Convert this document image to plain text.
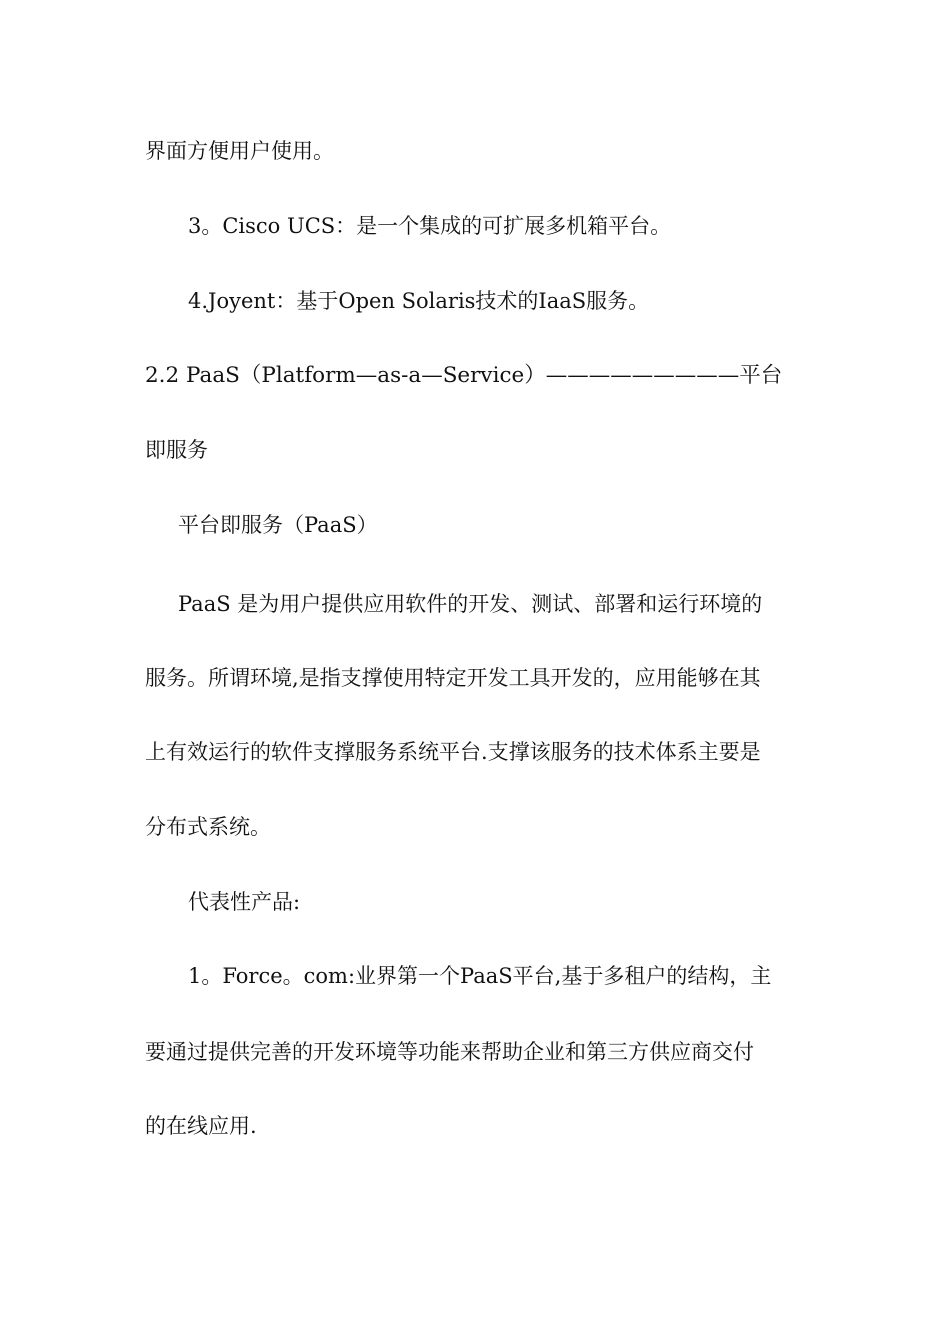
界面方便用户使用。
3。Cisco UCS：是一个集成的可扩展多机箱平台。
4.Joyent：基于Open Solaris技术的IaaS服务。
2.2 PaaS（Platform—as-a—Service）—————————平台
即服务
平台即服务（PaaS）
PaaS 是为用户提供应用软件的开发、测试、部署和运行环境的
服务。所谓环境,是指支撑使用特定开发工具开发的，应用能够在其
上有效运行的软件支撑服务系统平台.支撑该服务的技术体系主要是
分布式系统。
代表性产品:
1。Force。com:业界第一个PaaS平台,基于多租户的结构，主
要通过提供完善的开发环境等功能来帮助企业和第三方供应商交付
的在线应用.
